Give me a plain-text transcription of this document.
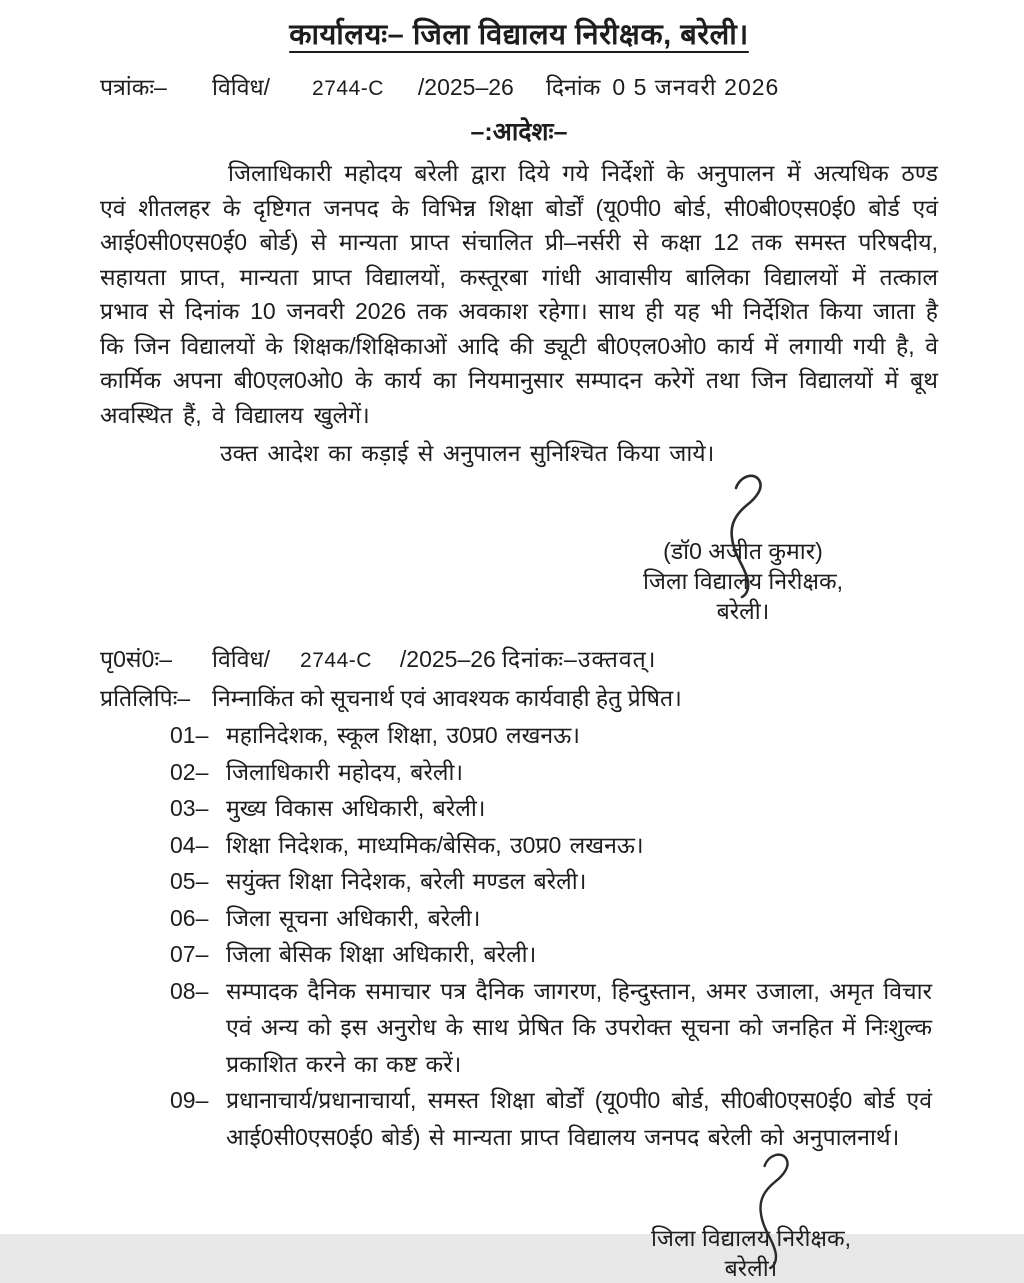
कार्यालयः– जिला विद्यालय निरीक्षक, बरेली।
पत्रांकः– विविध/ 2744-C /2025–26 दिनांक 0 5 जनवरी 2026
–:आदेशः–

जिलाधिकारी महोदय बरेली द्वारा दिये गये निर्देशों के अनुपालन में अत्यधिक ठण्ड एवं शीतलहर के दृष्टिगत जनपद के विभिन्न शिक्षा बोर्डों (यू0पी0 बोर्ड, सी0बी0एस0ई0 बोर्ड एवं आई0सी0एस0ई0 बोर्ड) से मान्यता प्राप्त संचालित प्री–नर्सरी से कक्षा 12 तक समस्त परिषदीय, सहायता प्राप्त, मान्यता प्राप्त विद्यालयों, कस्तूरबा गांधी आवासीय बालिका विद्यालयों में तत्काल प्रभाव से दिनांक 10 जनवरी 2026 तक अवकाश रहेगा। साथ ही यह भी निर्देशित किया जाता है कि जिन विद्यालयों के शिक्षक/शिक्षिकाओं आदि की ड्यूटी बी0एल0ओ0 कार्य में लगायी गयी है, वे कार्मिक अपना बी0एल0ओ0 के कार्य का नियमानुसार सम्पादन करेगें तथा जिन विद्यालयों में बूथ अवस्थित हैं, वे विद्यालय खुलेगें।

उक्त आदेश का कड़ाई से अनुपालन सुनिश्चित किया जाये।

(डॉ0 अजीत कुमार)
जिला विद्यालय निरीक्षक,
बरेली।
पृ0सं0ः– विविध/ 2744-C /2025–26 दिनांकः–उक्तवत्।
प्रतिलिपिः– निम्नाकिंत को सूचनार्थ एवं आवश्यक कार्यवाही हेतु प्रेषित।
01– महानिदेशक, स्कूल शिक्षा, उ0प्र0 लखनऊ।
02– जिलाधिकारी महोदय, बरेली।
03– मुख्य विकास अधिकारी, बरेली।
04– शिक्षा निदेशक, माध्यमिक/बेसिक, उ0प्र0 लखनऊ।
05– सयुंक्त शिक्षा निदेशक, बरेली मण्डल बरेली।
06– जिला सूचना अधिकारी, बरेली।
07– जिला बेसिक शिक्षा अधिकारी, बरेली।
08– सम्पादक दैनिक समाचार पत्र दैनिक जागरण, हिन्दुस्तान, अमर उजाला, अमृत विचार एवं अन्य को इस अनुरोध के साथ प्रेषित कि उपरोक्त सूचना को जनहित में निःशुल्क प्रकाशित करने का कष्ट करें।
09– प्रधानाचार्य/प्रधानाचार्या, समस्त शिक्षा बोर्डों (यू0पी0 बोर्ड, सी0बी0एस0ई0 बोर्ड एवं आई0सी0एस0ई0 बोर्ड) से मान्यता प्राप्त विद्यालय जनपद बरेली को अनुपालनार्थ।
जिला विद्यालय निरीक्षक,
बरेली।
